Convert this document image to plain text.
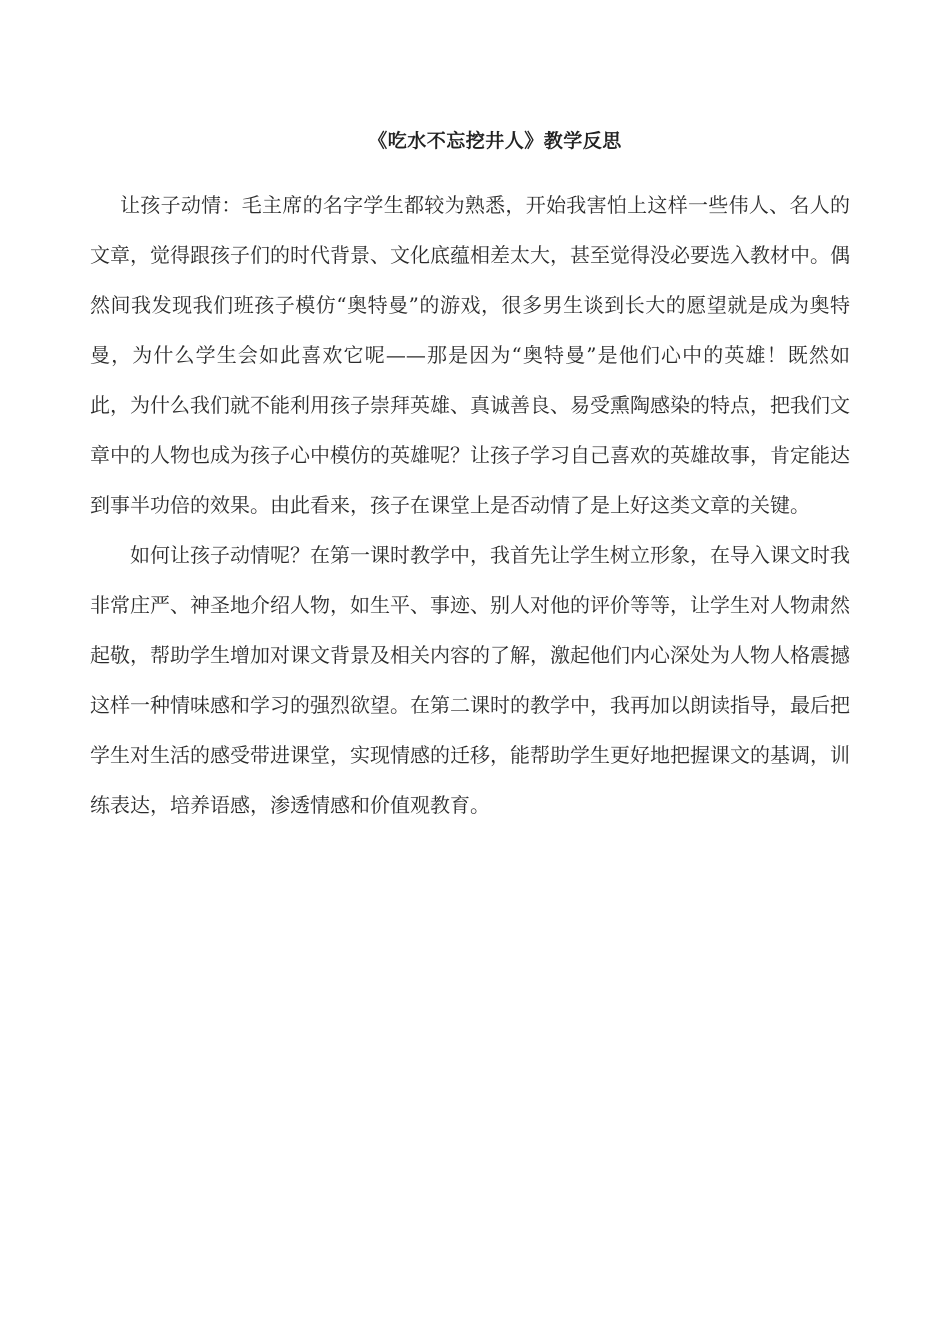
《吃水不忘挖井人》教学反思

让孩子动情：毛主席的名字学生都较为熟悉，开始我害怕上这样一些伟人、名人的文章，觉得跟孩子们的时代背景、文化底蕴相差太大，甚至觉得没必要选入教材中。偶然间我发现我们班孩子模仿“奥特曼”的游戏，很多男生谈到长大的愿望就是成为奥特曼，为什么学生会如此喜欢它呢——那是因为“奥特曼”是他们心中的英雄！既然如此，为什么我们就不能利用孩子崇拜英雄、真诚善良、易受熏陶感染的特点，把我们文章中的人物也成为孩子心中模仿的英雄呢？让孩子学习自己喜欢的英雄故事，肯定能达到事半功倍的效果。由此看来，孩子在课堂上是否动情了是上好这类文章的关键。

如何让孩子动情呢？在第一课时教学中，我首先让学生树立形象，在导入课文时我非常庄严、神圣地介绍人物，如生平、事迹、别人对他的评价等等，让学生对人物肃然起敬，帮助学生增加对课文背景及相关内容的了解，激起他们内心深处为人物人格震撼这样一种情味感和学习的强烈欲望。在第二课时的教学中，我再加以朗读指导，最后把学生对生活的感受带进课堂，实现情感的迁移，能帮助学生更好地把握课文的基调，训练表达，培养语感，渗透情感和价值观教育。
